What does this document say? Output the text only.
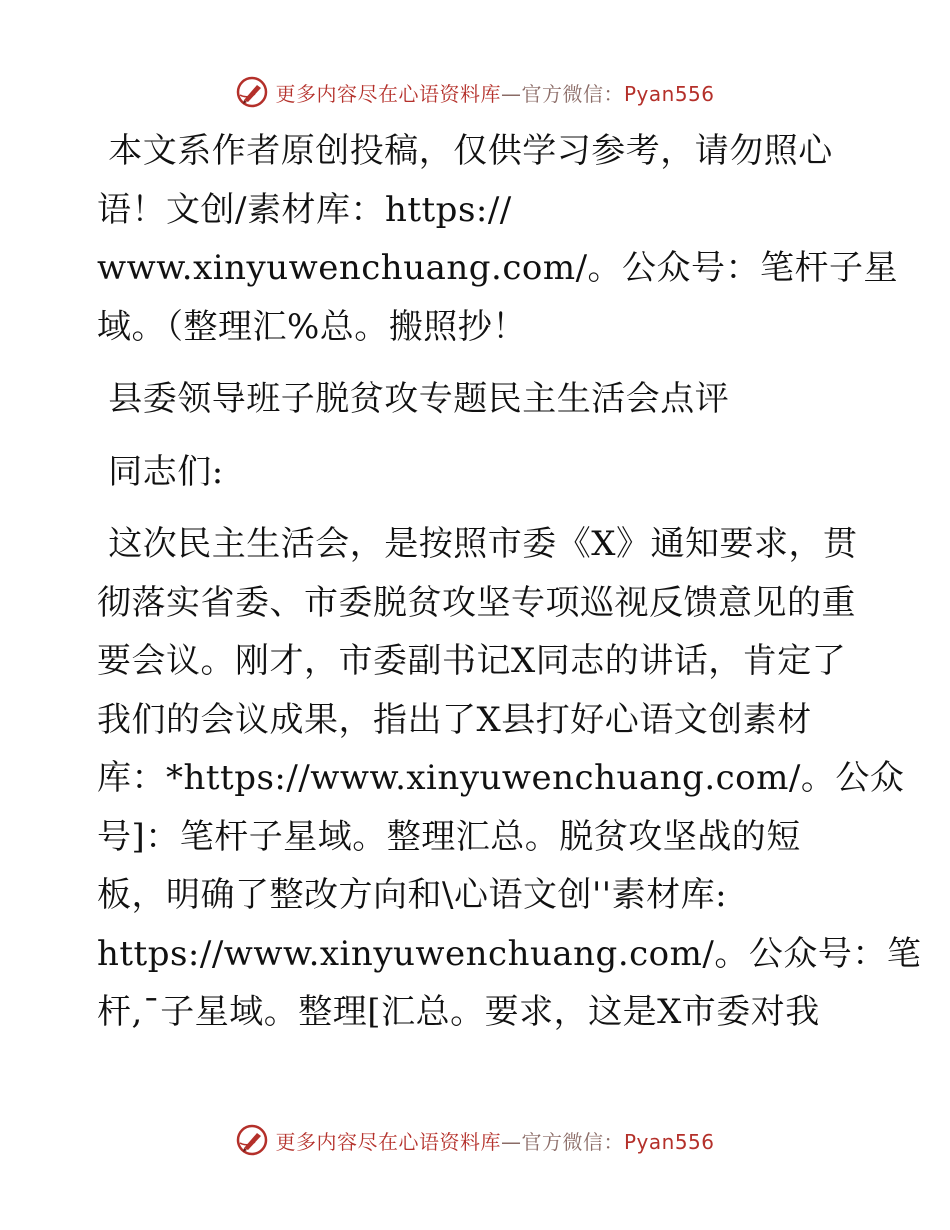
更多内容尽在心语资料库—官方微信：Pyan556
本文系作者原创投稿，仅供学习参考，请勿照心
语！文创/素材库：https://
www.xinyuwenchuang.com/。公众号：笔杆子星
域。（整理汇%总。搬照抄！
县委领导班子脱贫攻专题民主生活会点评
同志们:
这次民主生活会，是按照市委《X》通知要求，贯
彻落实省委、市委脱贫攻坚专项巡视反馈意见的重
要会议。刚才，市委副书记X同志的讲话，肯定了
我们的会议成果，指出了X县打好心语文创素材
库：*https://www.xinyuwenchuang.com/。公众
号]：笔杆子星域。整理汇总。脱贫攻坚战的短
板，明确了整改方向和\心语文创''素材库:
https://www.xinyuwenchuang.com/。公众号：笔
杆,¯子星域。整理[汇总。要求，这是X市委对我
更多内容尽在心语资料库—官方微信：Pyan556
